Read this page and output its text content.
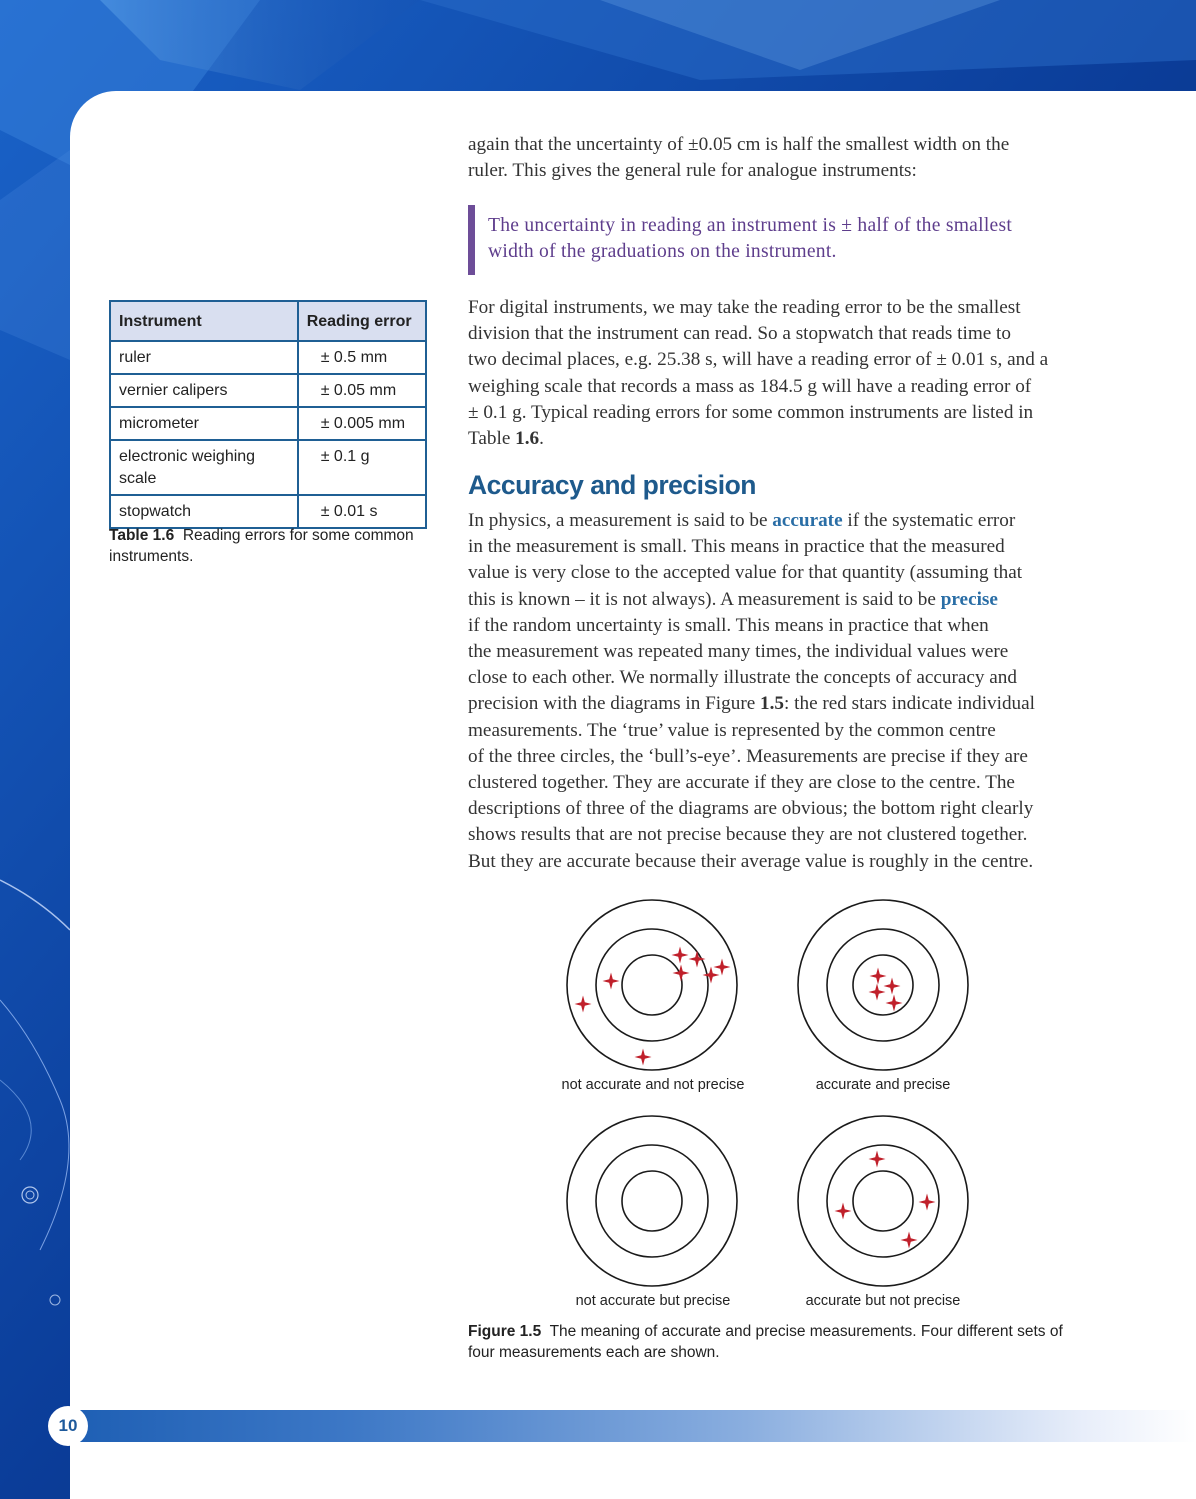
again that the uncertainty of ±0.05 cm is half the smallest width on the

ruler. This gives the general rule for analogue instruments:

The uncertainty in reading an instrument is ± half of the smallest
width of the graduations on the instrument.

For digital instruments, we may take the reading error to be the smallest

division that the instrument can read. So a stopwatch that reads time to

two decimal places, e.g. 25.38 s, will have a reading error of ± 0.01 s, and a

weighing scale that records a mass as 184.5 g will have a reading error of

± 0.1 g. Typical reading errors for some common instruments are listed in

Table 1.6.

Accuracy and precision

In physics, a measurement is said to be accurate if the systematic error

in the measurement is small. This means in practice that the measured

value is very close to the accepted value for that quantity (assuming that

this is known – it is not always). A measurement is said to be precise

if the random uncertainty is small. This means in practice that when

the measurement was repeated many times, the individual values were

close to each other. We normally illustrate the concepts of accuracy and

precision with the diagrams in Figure 1.5: the red stars indicate individual

measurements. The ‘true’ value is represented by the common centre

of the three circles, the ‘bull’s-eye’. Measurements are precise if they are

clustered together. They are accurate if they are close to the centre. The

descriptions of three of the diagrams are obvious; the bottom right clearly

shows results that are not precise because they are not clustered together.

But they are accurate because their average value is roughly in the centre.

Instrument	Reading error
ruler	± 0.5 mm
vernier calipers	± 0.05 mm
micrometer	± 0.005 mm
electronic weighing scale	± 0.1 g
stopwatch	± 0.01 s
Table 1.6 Reading errors for some common instruments.
not accurate and not precise	accurate and precise
not accurate but precise	accurate but not precise
Figure 1.5 The meaning of accurate and precise measurements. Four different sets of four measurements each are shown.
10
